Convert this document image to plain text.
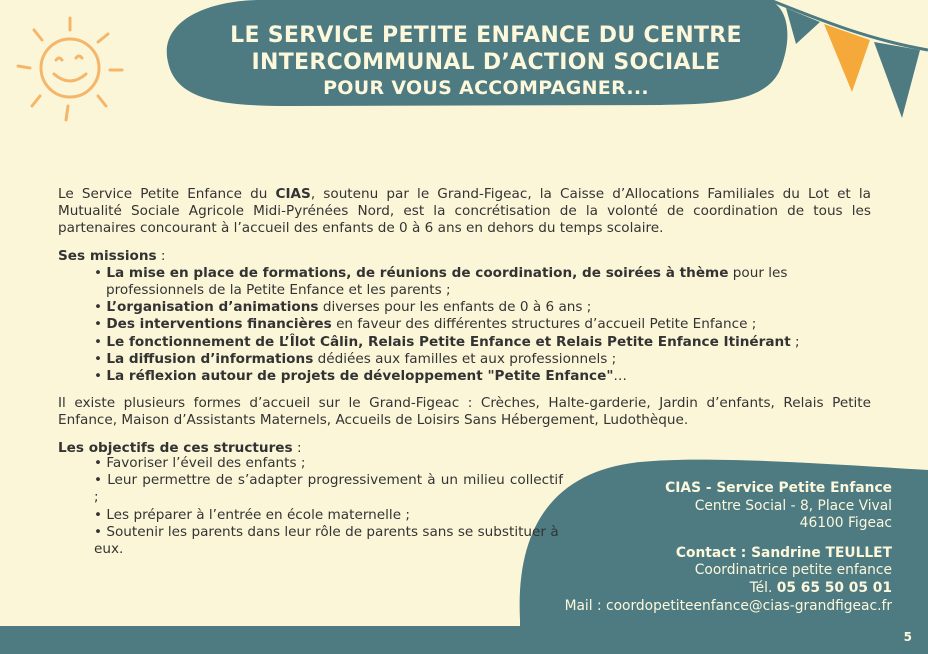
LE SERVICE PETITE ENFANCE DU CENTRE
INTERCOMMUNAL D’ACTION SOCIALE
POUR VOUS ACCOMPAGNER...

Le Service Petite Enfance du CIAS, soutenu par le Grand-Figeac, la Caisse d’Allocations Familiales du Lot et la Mutualité Sociale Agricole Midi-Pyrénées Nord, est la concrétisation de la volonté de coordination de tous les partenaires concourant à l’accueil des enfants de 0 à 6 ans en dehors du temps scolaire.

Ses missions :
• La mise en place de formations, de réunions de coordination, de soirées à thème pour les professionnels de la Petite Enfance et les parents ;
• L’organisation d’animations diverses pour les enfants de 0 à 6 ans ;
• Des interventions financières en faveur des différentes structures d’accueil Petite Enfance ;
• Le fonctionnement de L’Îlot Câlin, Relais Petite Enfance et Relais Petite Enfance Itinérant ;
• La diffusion d’informations dédiées aux familles et aux professionnels ;
• La réflexion autour de projets de développement "Petite Enfance"…

Il existe plusieurs formes d’accueil sur le Grand-Figeac : Crèches, Halte-garderie, Jardin d’enfants, Relais Petite Enfance, Maison d’Assistants Maternels, Accueils de Loisirs Sans Hébergement, Ludothèque.

Les objectifs de ces structures :
• Favoriser l’éveil des enfants ;
• Leur permettre de s’adapter progressivement à un milieu collectif ;
• Les préparer à l’entrée en école maternelle ;
• Soutenir les parents dans leur rôle de parents sans se substituer à eux.
CIAS - Service Petite Enfance
Centre Social - 8, Place Vival
46100 Figeac
Contact : Sandrine TEULLET
Coordinatrice petite enfance
Tél. 05 65 50 05 01
Mail : coordopetiteenfance@cias-grandfigeac.fr
5
